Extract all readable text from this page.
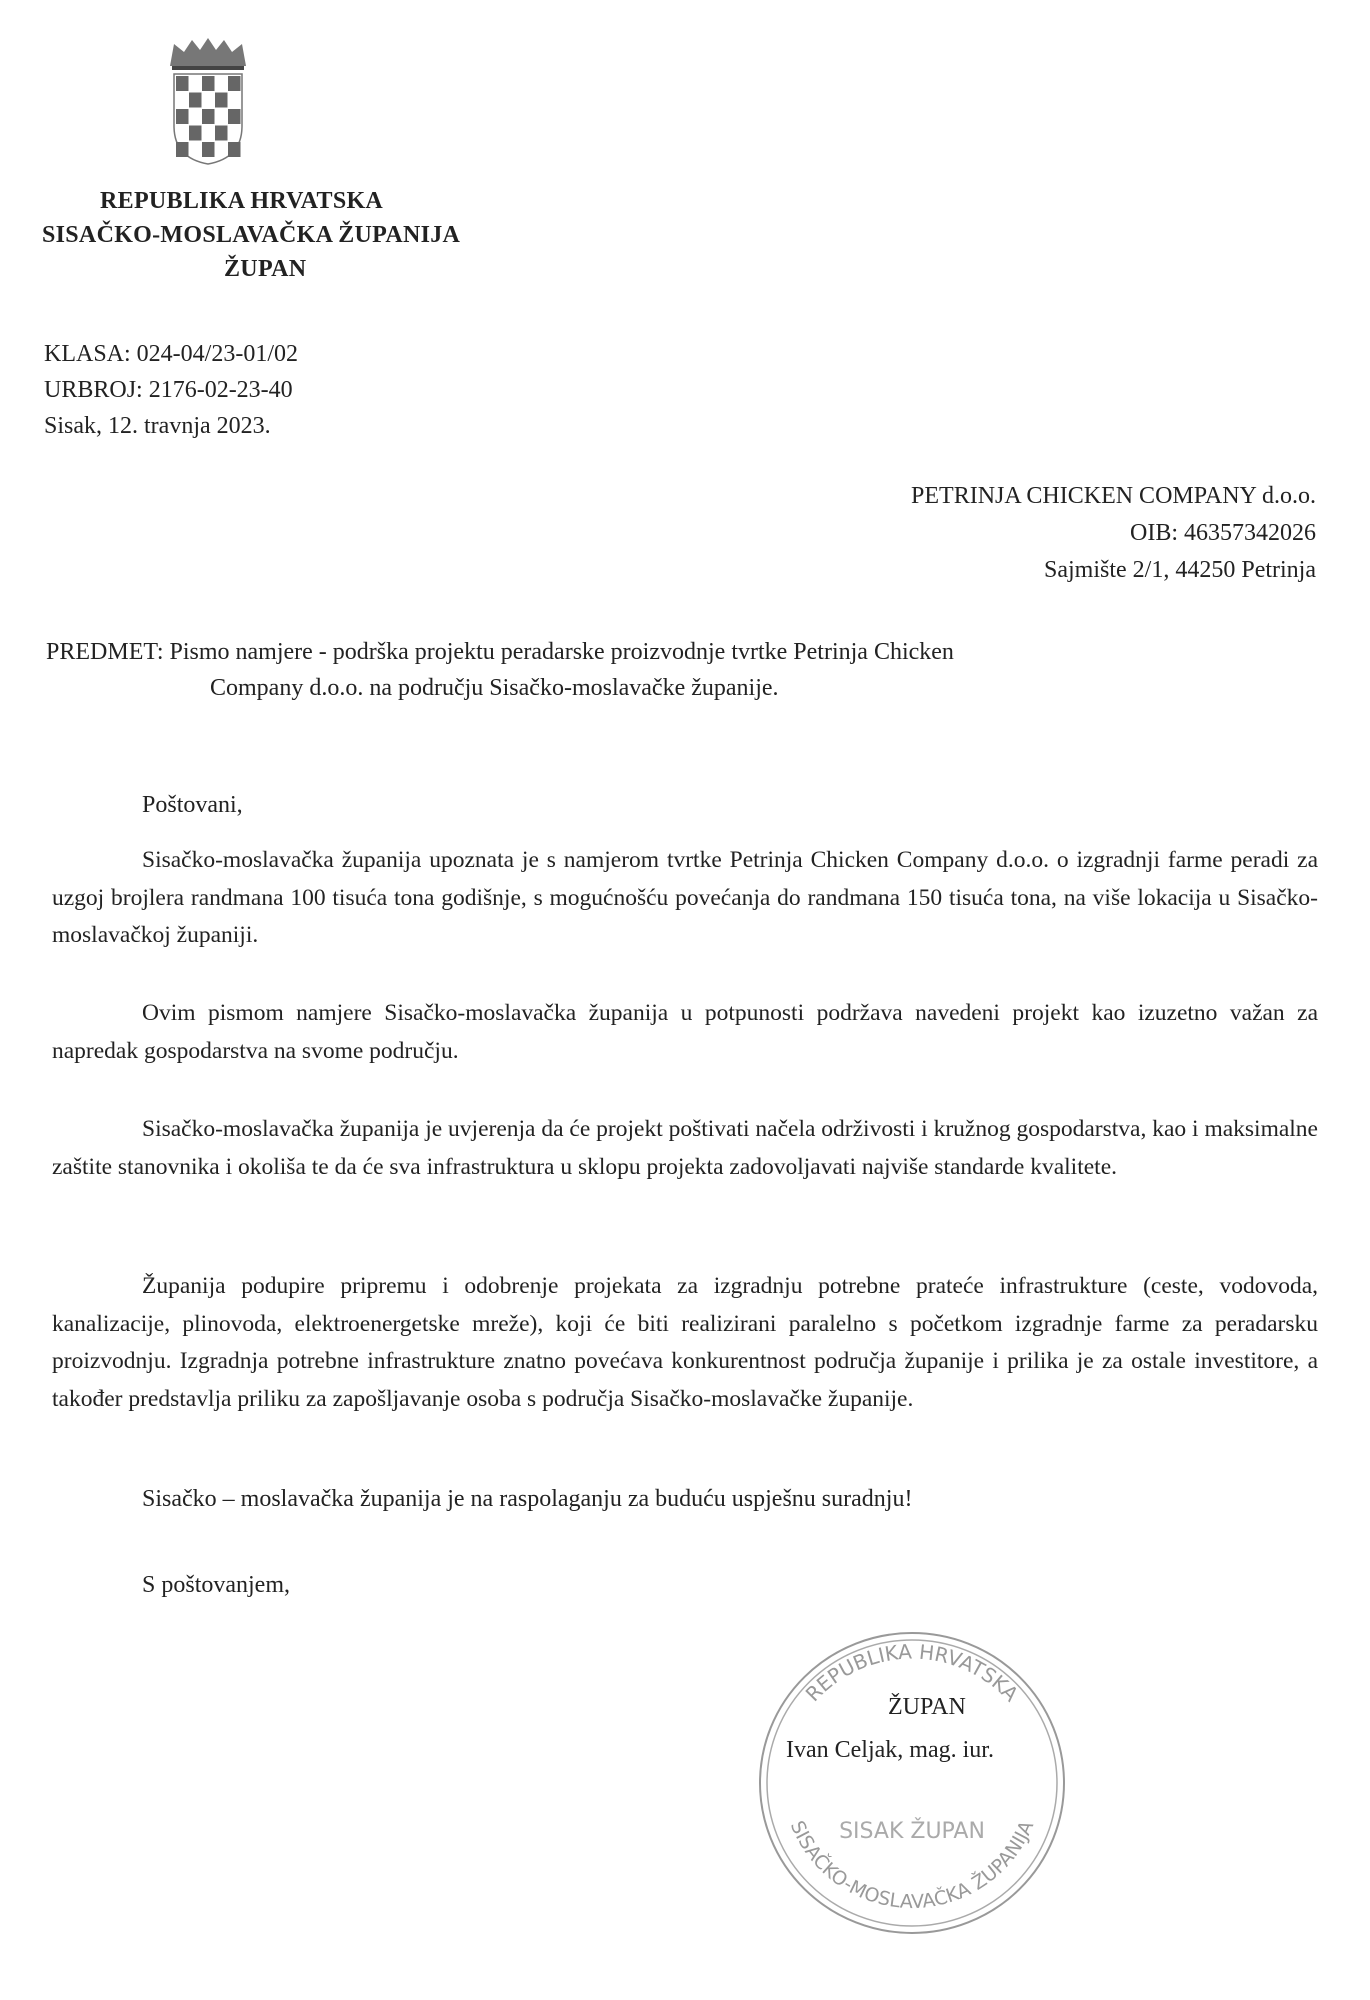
REPUBLIKA HRVATSKA
SISAČKO-MOSLAVAČKA ŽUPANIJA
ŽUPAN
KLASA: 024-04/23-01/02
URBROJ: 2176-02-23-40
Sisak, 12. travnja 2023.
PETRINJA CHICKEN COMPANY d.o.o.
OIB: 46357342026
Sajmište 2/1, 44250 Petrinja
PREDMET: Pismo namjere - podrška projektu peradarske proizvodnje tvrtke Petrinja Chicken
Company d.o.o. na području Sisačko-moslavačke županije.
Poštovani,

Sisačko-moslavačka županija upoznata je s namjerom tvrtke Petrinja Chicken Company d.o.o. o izgradnji farme peradi za uzgoj brojlera randmana 100 tisuća tona godišnje, s mogućnošću povećanja do randmana 150 tisuća tona, na više lokacija u Sisačko-moslavačkoj županiji.

Ovim pismom namjere Sisačko-moslavačka županija u potpunosti podržava navedeni projekt kao izuzetno važan za napredak gospodarstva na svome području.

Sisačko-moslavačka županija je uvjerenja da će projekt poštivati načela održivosti i kružnog gospodarstva, kao i maksimalne zaštite stanovnika i okoliša te da će sva infrastruktura u sklopu projekta zadovoljavati najviše standarde kvalitete.

Županija podupire pripremu i odobrenje projekata za izgradnju potrebne prateće infrastrukture (ceste, vodovoda, kanalizacije, plinovoda, elektroenergetske mreže), koji će biti realizirani paralelno s početkom izgradnje farme za peradarsku proizvodnju. Izgradnja potrebne infrastrukture znatno povećava konkurentnost područja županije i prilika je za ostale investitore, a također predstavlja priliku za zapošljavanje osoba s područja Sisačko-moslavačke županije.

Sisačko – moslavačka županija je na raspolaganju za buduću uspješnu suradnju!
S poštovanjem,
REPUBLIKA HRVATSKA
SISAČKO-MOSLAVAČKA ŽUPANIJA
SISAK ŽUPAN
ŽUPAN
Ivan Celjak, mag. iur.
